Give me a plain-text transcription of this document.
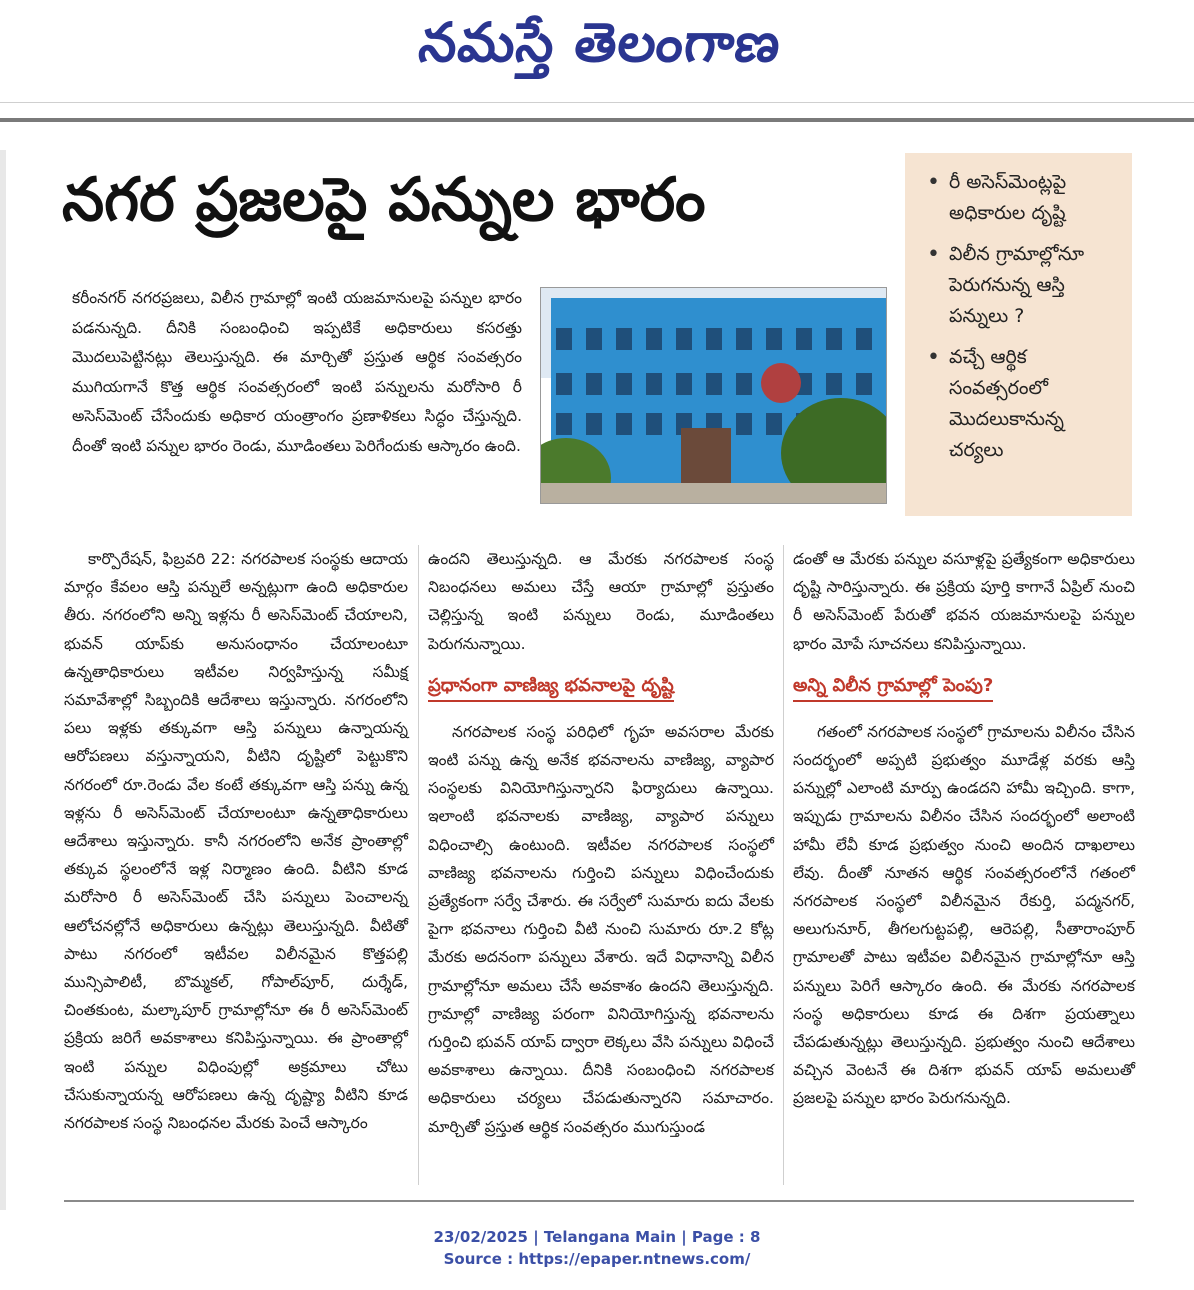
నమస్తే తెలంగాణ
నగర ప్రజలపై పన్నుల భారం
•	రీ అసెస్‌మెంట్లపై అధికారుల దృష్టి
• విలీన గ్రామాల్లోనూ పెరుగనున్న ఆస్తి పన్నులు ?
• వచ్చే ఆర్థిక సంవత్సరంలో మొదలుకానున్న చర్యలు
కరీంనగర్ నగరప్రజలు, విలీన గ్రామాల్లో ఇంటి యజమానులపై పన్నుల భారం పడనున్నది. దీనికి సంబంధించి ఇప్పటికే అధికారులు కసరత్తు మొదలుపెట్టినట్లు తెలుస్తున్నది. ఈ మార్చితో ప్రస్తుత ఆర్థిక సంవత్సరం ముగియగానే కొత్త ఆర్థిక సంవత్సరంలో ఇంటి పన్నులను మరోసారి రీ అసెస్‌మెంట్ చేసేందుకు అధికార యంత్రాంగం ప్రణాళికలు సిద్ధం చేస్తున్నది. దీంతో ఇంటి పన్నుల భారం రెండు, మూడింతలు పెరిగేందుకు ఆస్కారం ఉంది.

కార్పొరేషన్, ఫిబ్రవరి 22: నగరపాలక సంస్థకు ఆదాయ మార్గం కేవలం ఆస్తి పన్నులే అన్నట్లుగా ఉంది అధికారుల తీరు. నగరంలోని అన్ని ఇళ్లను రీ అసెస్‌మెంట్ చేయాలని, భువన్ యాప్‌కు అనుసంధానం చేయాలంటూ ఉన్నతాధికారులు ఇటీవల నిర్వహిస్తున్న సమీక్ష సమావేశాల్లో సిబ్బందికి ఆదేశాలు ఇస్తున్నారు. నగరంలోని పలు ఇళ్లకు తక్కువగా ఆస్తి పన్నులు ఉన్నాయన్న ఆరోపణలు వస్తున్నాయని, వీటిని దృష్టిలో పెట్టుకొని నగరంలో రూ.రెండు వేల కంటే తక్కువగా ఆస్తి పన్ను ఉన్న ఇళ్లను రీ అసెస్‌మెంట్ చేయాలంటూ ఉన్నతాధికారులు ఆదేశాలు ఇస్తున్నారు. కానీ నగరంలోని అనేక ప్రాంతాల్లో తక్కువ స్థలంలోనే ఇళ్ల నిర్మాణం ఉంది. వీటిని కూడ మరోసారి రీ అసెస్‌మెంట్ చేసి పన్నులు పెంచాలన్న ఆలోచనల్లోనే అధికారులు ఉన్నట్లు తెలుస్తున్నది. వీటితో పాటు నగరంలో ఇటీవల విలీనమైన కొత్తపల్లి మున్సిపాలిటీ, బొమ్మకల్, గోపాల్‌పూర్, దుర్శేడ్, చింతకుంట, మల్కాపూర్ గ్రామాల్లోనూ ఈ రీ అసెస్‌మెంట్ ప్రక్రియ జరిగే అవకాశాలు కనిపిస్తున్నాయి. ఈ ప్రాంతాల్లో ఇంటి పన్నుల విధింపుల్లో అక్రమాలు చోటు చేసుకున్నాయన్న ఆరోపణలు ఉన్న దృష్ట్యా వీటిని కూడ నగరపాలక సంస్థ నిబంధనల మేరకు పెంచే ఆస్కారం

ఉందని తెలుస్తున్నది. ఆ మేరకు నగరపాలక సంస్థ నిబంధనలు అమలు చేస్తే ఆయా గ్రామాల్లో ప్రస్తుతం చెల్లిస్తున్న ఇంటి పన్నులు రెండు, మూడింతలు పెరుగనున్నాయి.

ప్రధానంగా వాణిజ్య భవనాలపై దృష్టి

నగరపాలక సంస్థ పరిధిలో గృహ అవసరాల మేరకు ఇంటి పన్ను ఉన్న అనేక భవనాలను వాణిజ్య, వ్యాపార సంస్థలకు వినియోగిస్తున్నారని ఫిర్యాదులు ఉన్నాయి. ఇలాంటి భవనాలకు వాణిజ్య, వ్యాపార పన్నులు విధించాల్సి ఉంటుంది. ఇటీవల నగరపాలక సంస్థలో వాణిజ్య భవనాలను గుర్తించి పన్నులు విధించేందుకు ప్రత్యేకంగా సర్వే చేశారు. ఈ సర్వేలో సుమారు ఐదు వేలకు పైగా భవనాలు గుర్తించి వీటి నుంచి సుమారు రూ.2 కోట్ల మేరకు అదనంగా పన్నులు వేశారు. ఇదే విధానాన్ని విలీన గ్రామాల్లోనూ అమలు చేసే అవకాశం ఉందని తెలుస్తున్నది. గ్రామాల్లో వాణిజ్య పరంగా వినియోగిస్తున్న భవనాలను గుర్తించి భువన్ యాప్ ద్వారా లెక్కలు వేసి పన్నులు విధించే అవకాశాలు ఉన్నాయి. దీనికి సంబంధించి నగరపాలక అధికారులు చర్యలు చేపడుతున్నారని సమాచారం. మార్చితో ప్రస్తుత ఆర్థిక సంవత్సరం ముగుస్తుండ

డంతో ఆ మేరకు పన్నుల వసూళ్లపై ప్రత్యేకంగా అధికారులు దృష్టి సారిస్తున్నారు. ఈ ప్రక్రియ పూర్తి కాగానే ఏప్రిల్ నుంచి రీ అసెస్‌మెంట్ పేరుతో భవన యజమానులపై పన్నుల భారం మోపే సూచనలు కనిపిస్తున్నాయి.

అన్ని విలీన గ్రామాల్లో పెంపు?

గతంలో నగరపాలక సంస్థలో గ్రామాలను విలీనం చేసిన సందర్భంలో అప్పటి ప్రభుత్వం మూడేళ్ల వరకు ఆస్తి పన్నుల్లో ఎలాంటి మార్పు ఉండదని హామీ ఇచ్చింది. కాగా, ఇప్పుడు గ్రామాలను విలీనం చేసిన సందర్భంలో అలాంటి హామీ లేవీ కూడ ప్రభుత్వం నుంచి అందిన దాఖలాలు లేవు. దీంతో నూతన ఆర్థిక సంవత్సరంలోనే గతంలో నగరపాలక సంస్థలో విలీనమైన రేకుర్తి, పద్మనగర్, అలుగునూర్, తీగలగుట్టపల్లి, ఆరెపల్లి, సీతారాంపూర్ గ్రామాలతో పాటు ఇటీవల విలీనమైన గ్రామాల్లోనూ ఆస్తి పన్నులు పెరిగే ఆస్కారం ఉంది. ఈ మేరకు నగరపాలక సంస్థ అధికారులు కూడ ఈ దిశగా ప్రయత్నాలు చేపడుతున్నట్లు తెలుస్తున్నది. ప్రభుత్వం నుంచి ఆదేశాలు వచ్చిన వెంటనే ఈ దిశగా భువన్ యాప్ అమలుతో ప్రజలపై పన్నుల భారం పెరుగనున్నది.

23/02/2025 | Telangana Main | Page : 8
Source : https://epaper.ntnews.com/
